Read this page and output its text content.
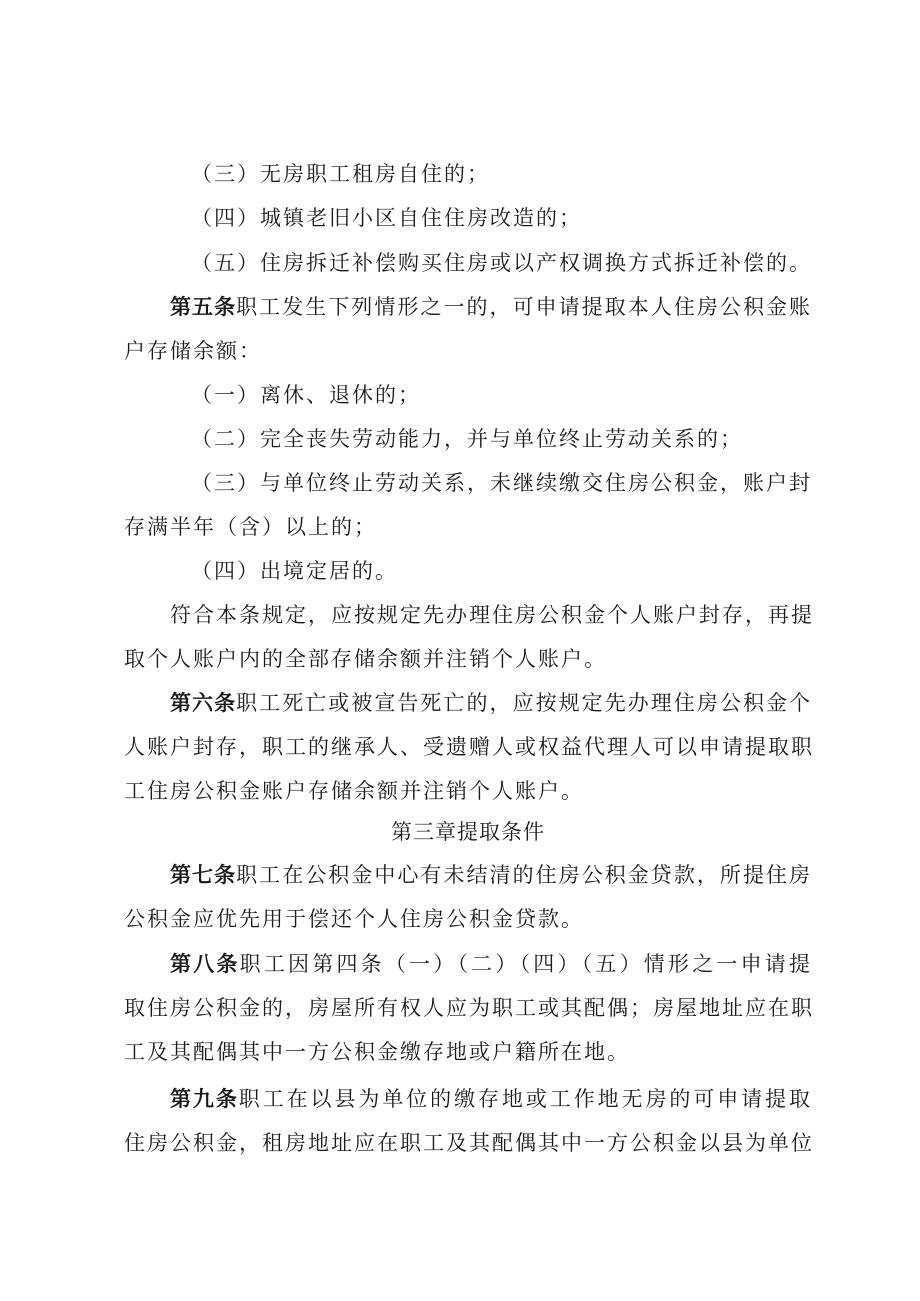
（三）无房职工租房自住的；
（四）城镇老旧小区自住住房改造的；
（五）住房拆迁补偿购买住房或以产权调换方式拆迁补偿的。
第五条职工发生下列情形之一的，可申请提取本人住房公积金账
户存储余额：
（一）离休、退休的；
（二）完全丧失劳动能力，并与单位终止劳动关系的；
（三）与单位终止劳动关系，未继续缴交住房公积金，账户封
存满半年（含）以上的；
（四）出境定居的。
符合本条规定，应按规定先办理住房公积金个人账户封存，再提
取个人账户内的全部存储余额并注销个人账户。
第六条职工死亡或被宣告死亡的，应按规定先办理住房公积金个
人账户封存，职工的继承人、受遗赠人或权益代理人可以申请提取职
工住房公积金账户存储余额并注销个人账户。
第三章提取条件
第七条职工在公积金中心有未结清的住房公积金贷款，所提住房
公积金应优先用于偿还个人住房公积金贷款。
第八条职工因第四条（一）（二）（四）（五）情形之一申请提
取住房公积金的，房屋所有权人应为职工或其配偶；房屋地址应在职
工及其配偶其中一方公积金缴存地或户籍所在地。
第九条职工在以县为单位的缴存地或工作地无房的可申请提取
住房公积金，租房地址应在职工及其配偶其中一方公积金以县为单位
